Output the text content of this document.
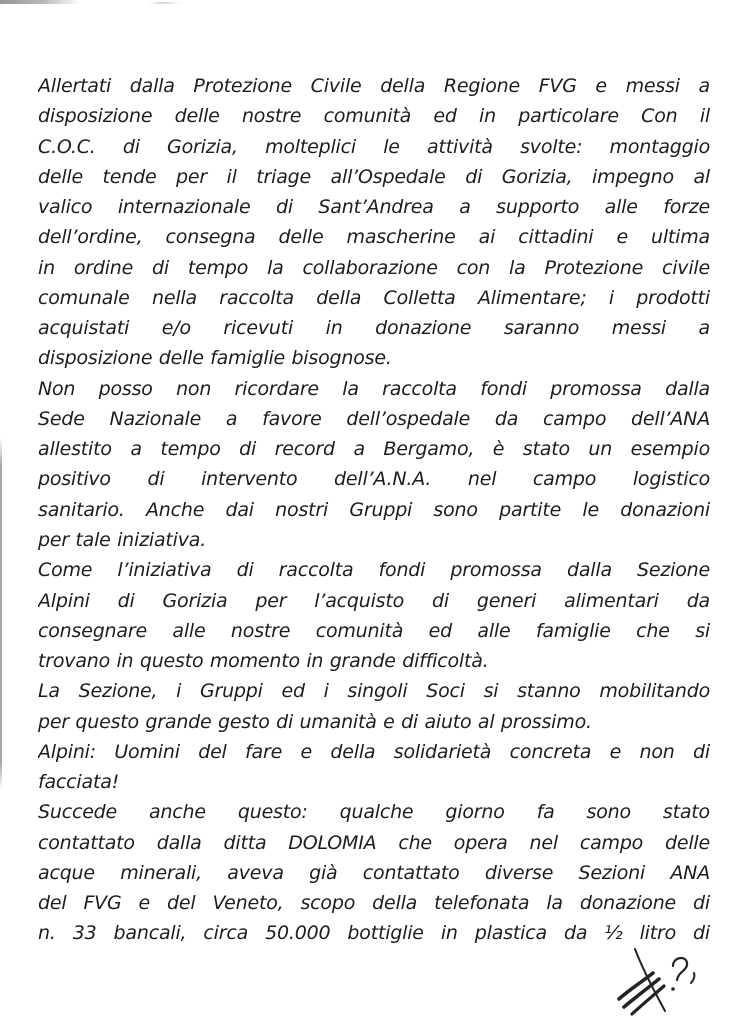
Allertati dalla Protezione Civile della Regione FVG e messi a
disposizione delle nostre comunità ed in particolare Con il
C.O.C. di Gorizia, molteplici le attività svolte: montaggio
delle tende per il triage all’Ospedale di Gorizia, impegno al
valico internazionale di Sant’Andrea a supporto alle forze
dell’ordine, consegna delle mascherine ai cittadini e ultima
in ordine di tempo la collaborazione con la Protezione civile
comunale nella raccolta della Colletta Alimentare; i prodotti
acquistati e/o ricevuti in donazione saranno messi a
disposizione delle famiglie bisognose.
Non posso non ricordare la raccolta fondi promossa dalla
Sede Nazionale a favore dell’ospedale da campo dell’ANA
allestito a tempo di record a Bergamo, è stato un esempio
positivo di intervento dell’A.N.A. nel campo logistico
sanitario. Anche dai nostri Gruppi sono partite le donazioni
per tale iniziativa.
Come l’iniziativa di raccolta fondi promossa dalla Sezione
Alpini di Gorizia per l’acquisto di generi alimentari da
consegnare alle nostre comunità ed alle famiglie che si
trovano in questo momento in grande difficoltà.
La Sezione, i Gruppi ed i singoli Soci si stanno mobilitando
per questo grande gesto di umanità e di aiuto al prossimo.
Alpini: Uomini del fare e della solidarietà concreta e non di
facciata!
Succede anche questo: qualche giorno fa sono stato
contattato dalla ditta DOLOMIA che opera nel campo delle
acque minerali, aveva già contattato diverse Sezioni ANA
del FVG e del Veneto, scopo della telefonata la donazione di
n. 33 bancali, circa 50.000 bottiglie in plastica da ½ litro di
